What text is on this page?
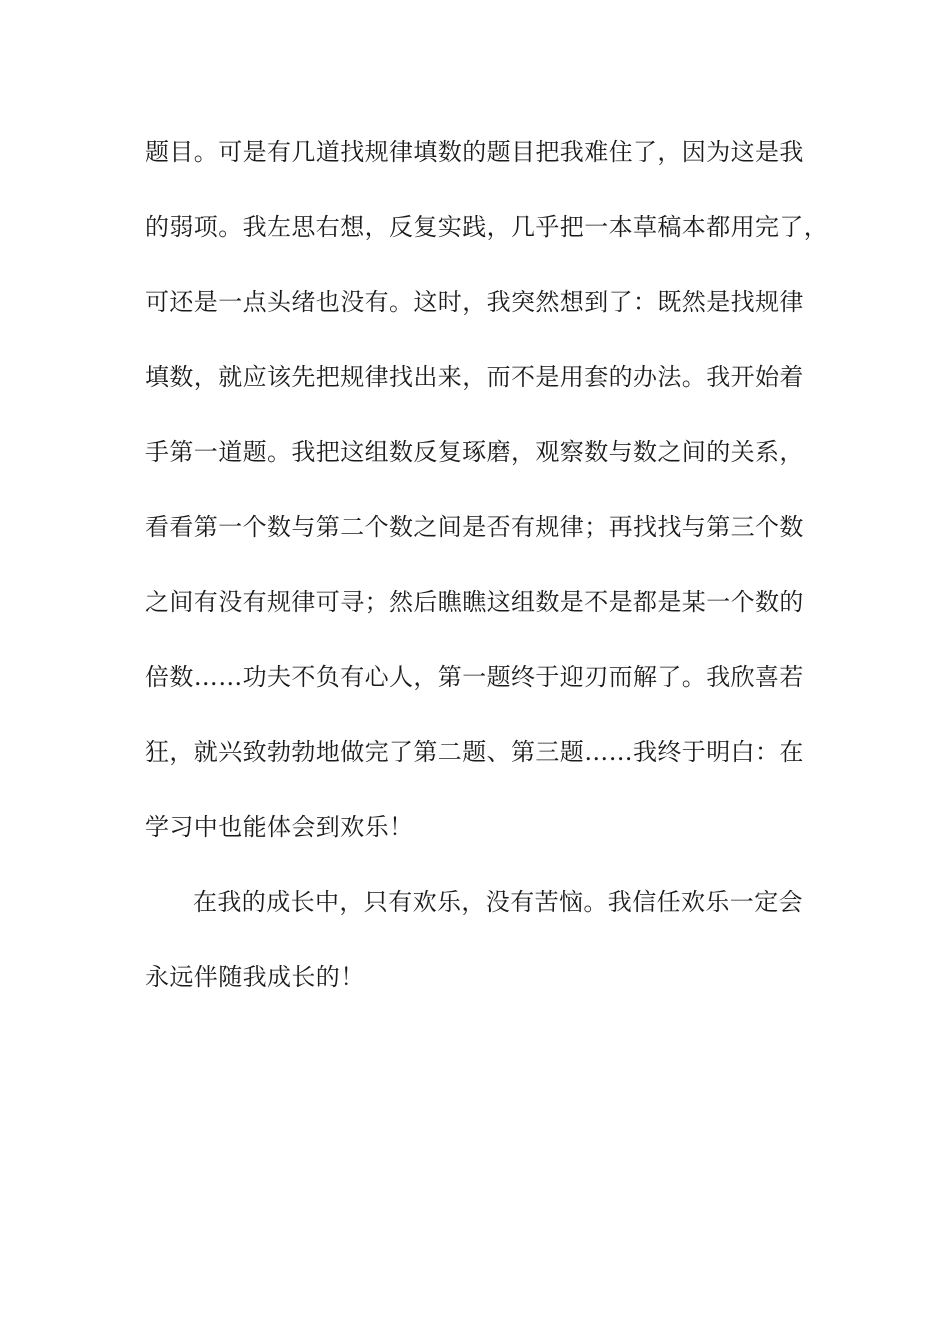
题目。可是有几道找规律填数的题目把我难住了，因为这是我
的弱项。我左思右想，反复实践，几乎把一本草稿本都用完了，
可还是一点头绪也没有。这时，我突然想到了：既然是找规律
填数，就应该先把规律找出来，而不是用套的办法。我开始着
手第一道题。我把这组数反复琢磨，观察数与数之间的关系，
看看第一个数与第二个数之间是否有规律；再找找与第三个数
之间有没有规律可寻；然后瞧瞧这组数是不是都是某一个数的
倍数……功夫不负有心人，第一题终于迎刃而解了。我欣喜若
狂，就兴致勃勃地做完了第二题、第三题……我终于明白：在
学习中也能体会到欢乐！
在我的成长中，只有欢乐，没有苦恼。我信任欢乐一定会
永远伴随我成长的！
